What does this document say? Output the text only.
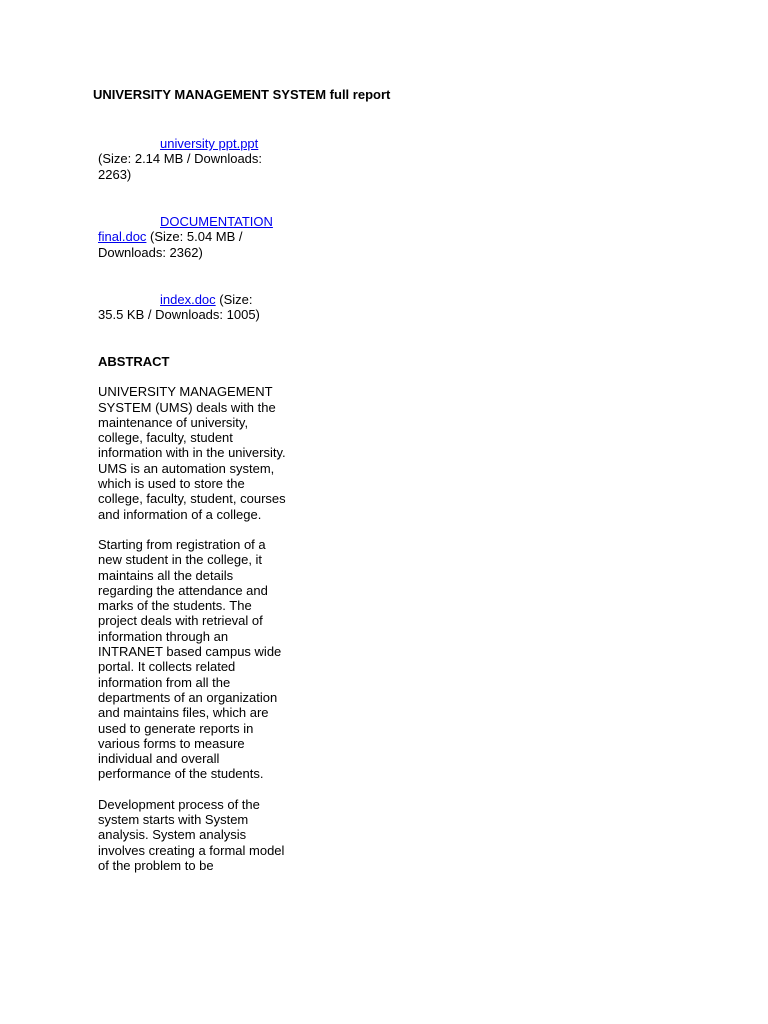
UNIVERSITY MANAGEMENT SYSTEM full report
university ppt.ppt
(Size: 2.14 MB / Downloads:
2263)
DOCUMENTATION
final.doc (Size: 5.04 MB /
Downloads: 2362)
index.doc (Size:
35.5 KB / Downloads: 1005)
ABSTRACT

UNIVERSITY MANAGEMENT SYSTEM (UMS) deals with the maintenance of university, college, faculty, student information with in the university. UMS is an automation system, which is used to store the college, faculty, student, courses and information of a college.

Starting from registration of a new student in the college, it maintains all the details regarding the attendance and marks of the students. The project deals with retrieval of information through an INTRANET based campus wide portal. It collects related information from all the departments of an organization and maintains files, which are used to generate reports in various forms to measure individual and overall performance of the students.

Development process of the system starts with System analysis. System analysis involves creating a formal model of the problem to be
